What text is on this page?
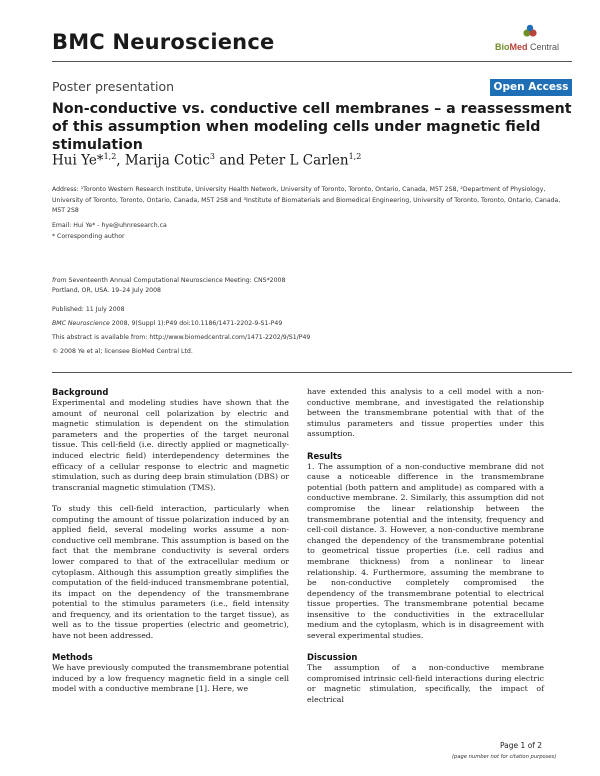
BMC Neuroscience	BioMed Central
Poster presentation	Open Access
Non-conductive vs. conductive cell membranes – a reassessment of this assumption when modeling cells under magnetic field stimulation
Hui Ye*$^{1,2}$, Marija Cotic$^3$ and Peter L Carlen$^{1,2}$
Address: ¹Toronto Western Research Institute, University Health Network, University of Toronto, Toronto, Ontario, Canada, M5T 2S8, ²Department of Physiology, University of Toronto, Toronto, Ontario, Canada, M5T 2S8 and ³Institute of Biomaterials and Biomedical Engineering, University of Toronto, Toronto, Ontario, Canada, M5T 2S8
Email: Hui Ye* - hye@uhnresearch.ca
* Corresponding author
from Seventeenth Annual Computational Neuroscience Meeting: CNS*2008
Portland, OR, USA. 19–24 July 2008
Published: 11 July 2008
BMC Neuroscience 2008, 9(Suppl 1):P49 doi:10.1186/1471-2202-9-S1-P49
This abstract is available from: http://www.biomedcentral.com/1471-2202/9/S1/P49
© 2008 Ye et al; licensee BioMed Central Ltd.
Background

Experimental and modeling studies have shown that the amount of neuronal cell polarization by electric and magnetic stimulation is dependent on the stimulation parameters and the properties of the target neuronal tissue. This cell-field (i.e. directly applied or magnetically-induced electric field) interdependency determines the efficacy of a cellular response to electric and magnetic stimulation, such as during deep brain stimulation (DBS) or transcranial magnetic stimulation (TMS).

To study this cell-field interaction, particularly when computing the amount of tissue polarization induced by an applied field, several modeling works assume a non-conductive cell membrane. This assumption is based on the fact that the membrane conductivity is several orders lower compared to that of the extracellular medium or cytoplasm. Although this assumption greatly simplifies the computation of the field-induced transmembrane potential, its impact on the dependency of the transmembrane potential to the stimulus parameters (i.e., field intensity and frequency, and its orientation to the target tissue), as well as to the tissue properties (electric and geometric), have not been addressed.

Methods

We have previously computed the transmembrane potential induced by a low frequency magnetic field in a single cell model with a conductive membrane [1]. Here, we

have extended this analysis to a cell model with a non-conductive membrane, and investigated the relationship between the transmembrane potential with that of the stimulus parameters and tissue properties under this assumption.

Results

1. The assumption of a non-conductive membrane did not cause a noticeable difference in the transmembrane potential (both pattern and amplitude) as compared with a conductive membrane. 2. Similarly, this assumption did not compromise the linear relationship between the transmembrane potential and the intensity, frequency and cell-coil distance. 3. However, a non-conductive membrane changed the dependency of the transmembrane potential to geometrical tissue properties (i.e. cell radius and membrane thickness) from a nonlinear to linear relationship. 4. Furthermore, assuming the membrane to be non-conductive completely compromised the dependency of the transmembrane potential to electrical tissue properties. The transmembrane potential became insensitive to the conductivities in the extracellular medium and the cytoplasm, which is in disagreement with several experimental studies.

Discussion

The assumption of a non-conductive membrane compromised intrinsic cell-field interactions during electric or magnetic stimulation, specifically, the impact of electrical

Page 1 of 2
(page number not for citation purposes)
